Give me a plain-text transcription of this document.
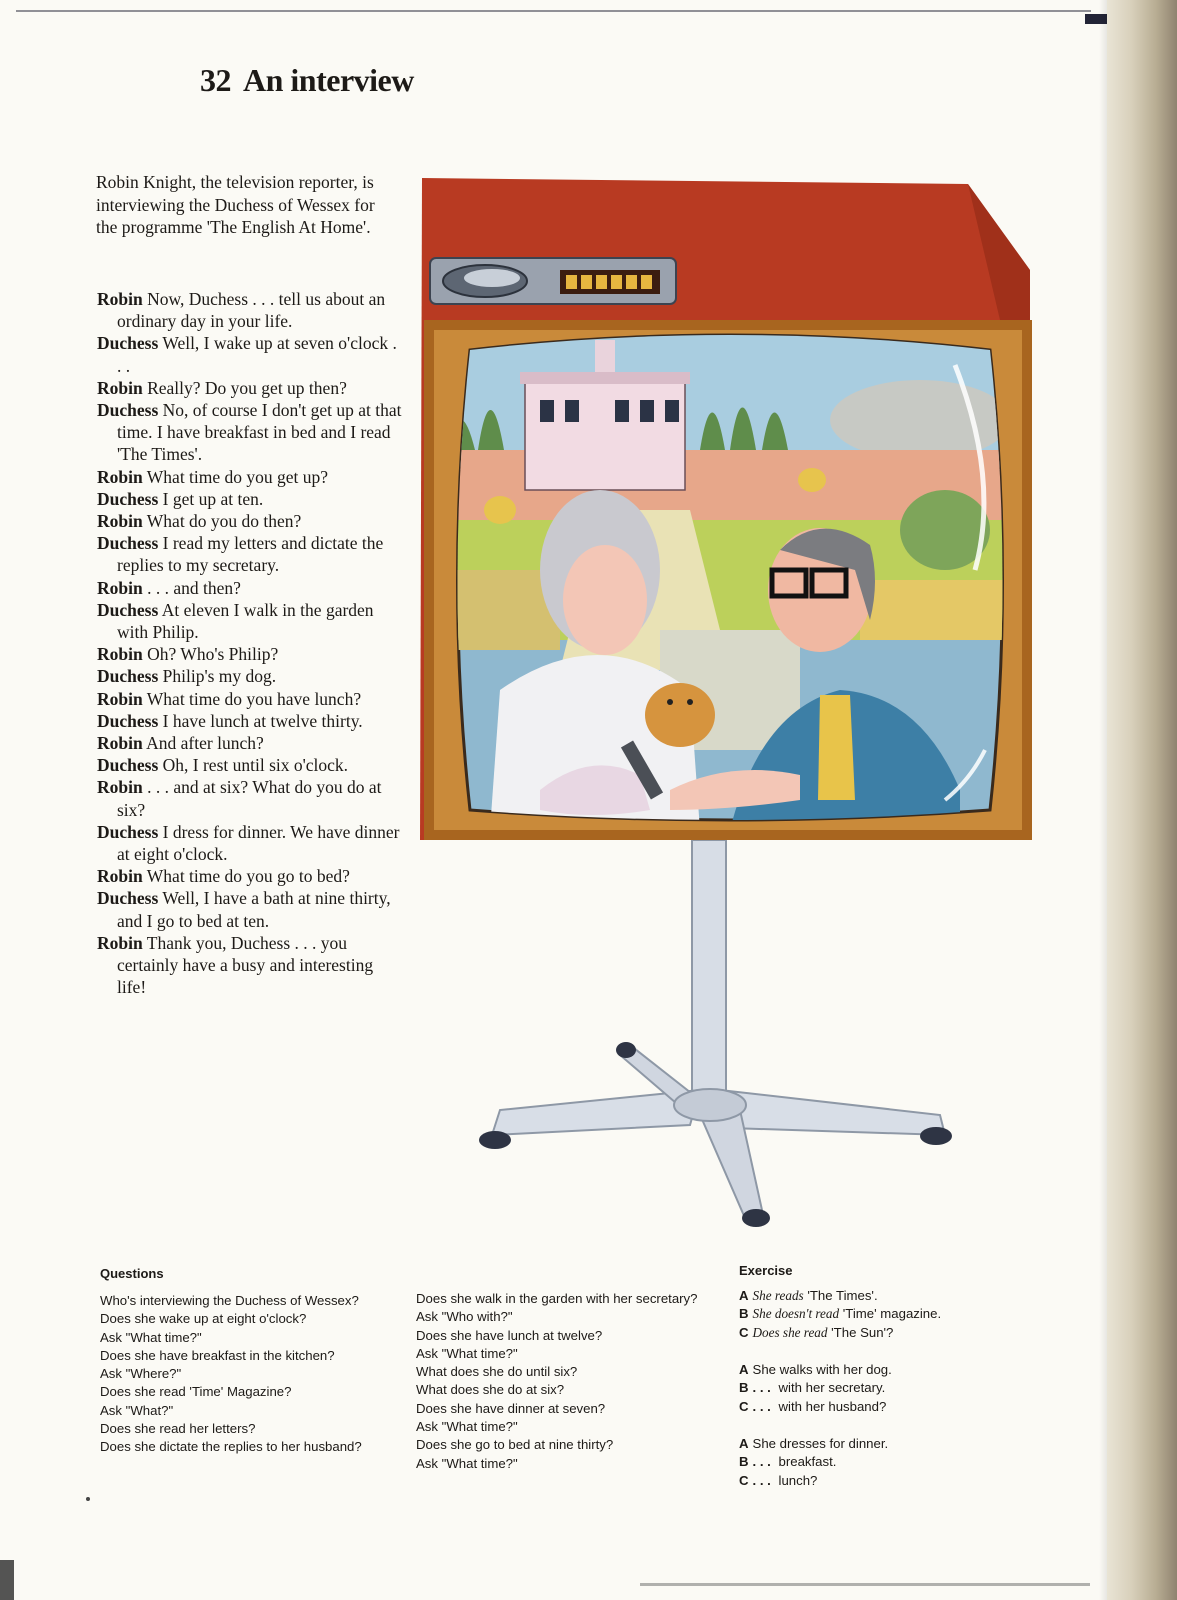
32 An interview
Robin Knight, the television reporter, is interviewing the Duchess of Wessex for the programme 'The English At Home'.

Robin Now, Duchess . . . tell us about an ordinary day in your life.

Duchess Well, I wake up at seven o'clock . . .

Robin Really? Do you get up then?

Duchess No, of course I don't get up at that time. I have breakfast in bed and I read 'The Times'.

Robin What time do you get up?

Duchess I get up at ten.

Robin What do you do then?

Duchess I read my letters and dictate the replies to my secretary.

Robin . . . and then?

Duchess At eleven I walk in the garden with Philip.

Robin Oh? Who's Philip?

Duchess Philip's my dog.

Robin What time do you have lunch?

Duchess I have lunch at twelve thirty.

Robin And after lunch?

Duchess Oh, I rest until six o'clock.

Robin . . . and at six? What do you do at six?

Duchess I dress for dinner. We have dinner at eight o'clock.

Robin What time do you go to bed?

Duchess Well, I have a bath at nine thirty, and I go to bed at ten.

Robin Thank you, Duchess . . . you certainly have a busy and interesting life!

Questions

Who's interviewing the Duchess of Wessex?

Does she wake up at eight o'clock?

Ask "What time?"

Does she have breakfast in the kitchen?

Ask "Where?"

Does she read 'Time' Magazine?

Ask "What?"

Does she read her letters?

Does she dictate the replies to her husband?

Does she walk in the garden with her secretary?

Ask "Who with?"

Does she have lunch at twelve?

Ask "What time?"

What does she do until six?

What does she do at six?

Does she have dinner at seven?

Ask "What time?"

Does she go to bed at nine thirty?

Ask "What time?"

Exercise

A She reads 'The Times'.

B She doesn't read 'Time' magazine.

C Does she read 'The Sun'?

A She walks with her dog.

B . . . with her secretary.

C . . . with her husband?

A She dresses for dinner.

B . . . breakfast.

C . . . lunch?
